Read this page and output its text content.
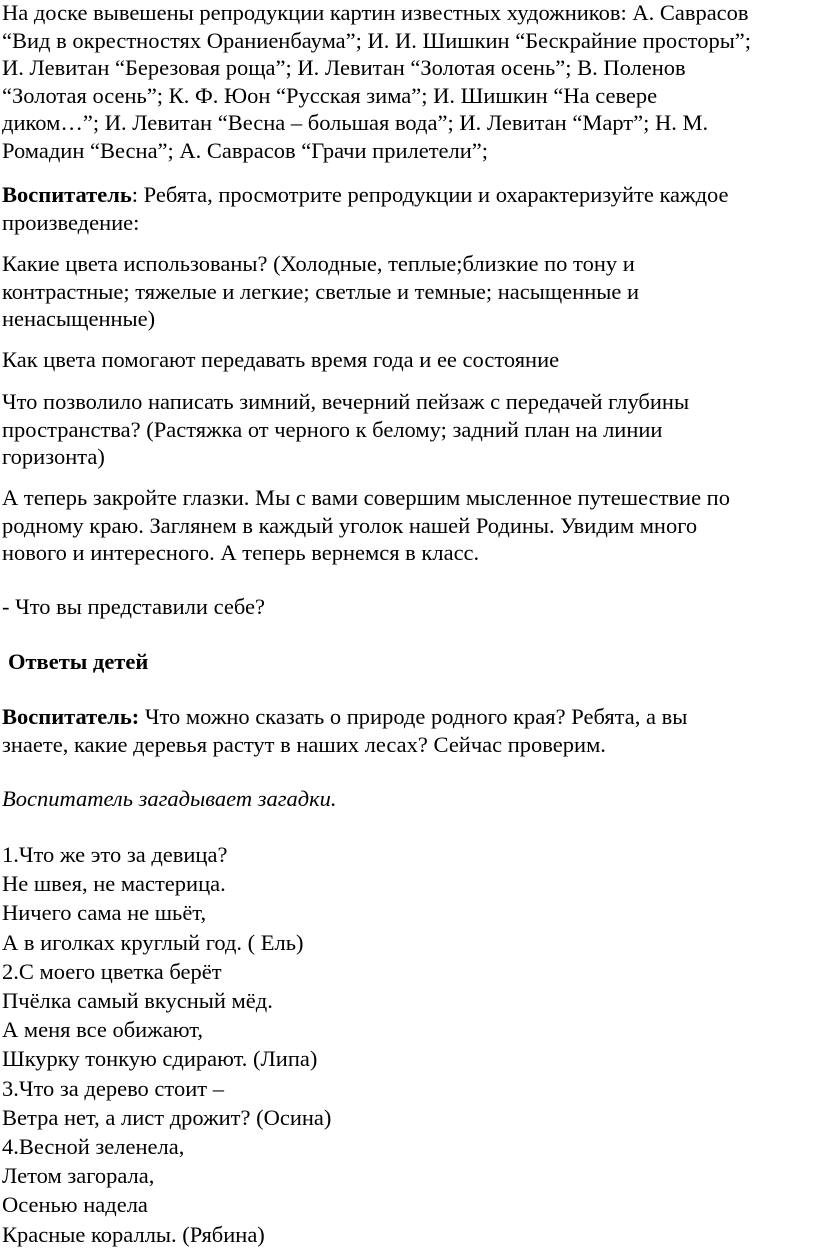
На доске вывешены репродукции картин известных художников: А. Саврасов
“Вид в окрестностях Ораниенбаума”; И. И. Шишкин “Бескрайние просторы”;
И. Левитан “Березовая роща”; И. Левитан “Золотая осень”; В. Поленов
“Золотая осень”; К. Ф. Юон “Русская зима”; И. Шишкин “На севере
диком…”; И. Левитан “Весна – большая вода”; И. Левитан “Март”; Н. М.
Ромадин “Весна”; А. Саврасов “Грачи прилетели”;
Воспитатель: Ребята, просмотрите репродукции и охарактеризуйте каждое
произведение:
Какие цвета использованы? (Холодные, теплые;близкие по тону и
контрастные; тяжелые и легкие; светлые и темные; насыщенные и
ненасыщенные)
Как цвета помогают передавать время года и ее состояние
Что позволило написать зимний, вечерний пейзаж с передачей глубины
пространства? (Растяжка от черного к белому; задний план на линии
горизонта)
А теперь закройте глазки. Мы с вами совершим мысленное путешествие по
родному краю. Заглянем в каждый уголок нашей Родины. Увидим много
нового и интересного. А теперь вернемся в класс.
- Что вы представили себе?
Ответы детей
Воспитатель: Что можно сказать о природе родного края? Ребята, а вы
знаете, какие деревья растут в наших лесах? Сейчас проверим.
Воспитатель загадывает загадки.
1.Что же это за девица?
Не швея, не мастерица.
Ничего сама не шьёт,
А в иголках круглый год. ( Ель)
2.С моего цветка берёт
Пчёлка самый вкусный мёд.
А меня все обижают,
Шкурку тонкую сдирают. (Липа)
3.Что за дерево стоит –
Ветра нет, а лист дрожит? (Осина)
4.Весной зеленела,
Летом загорала,
Осенью надела
Красные кораллы. (Рябина)
